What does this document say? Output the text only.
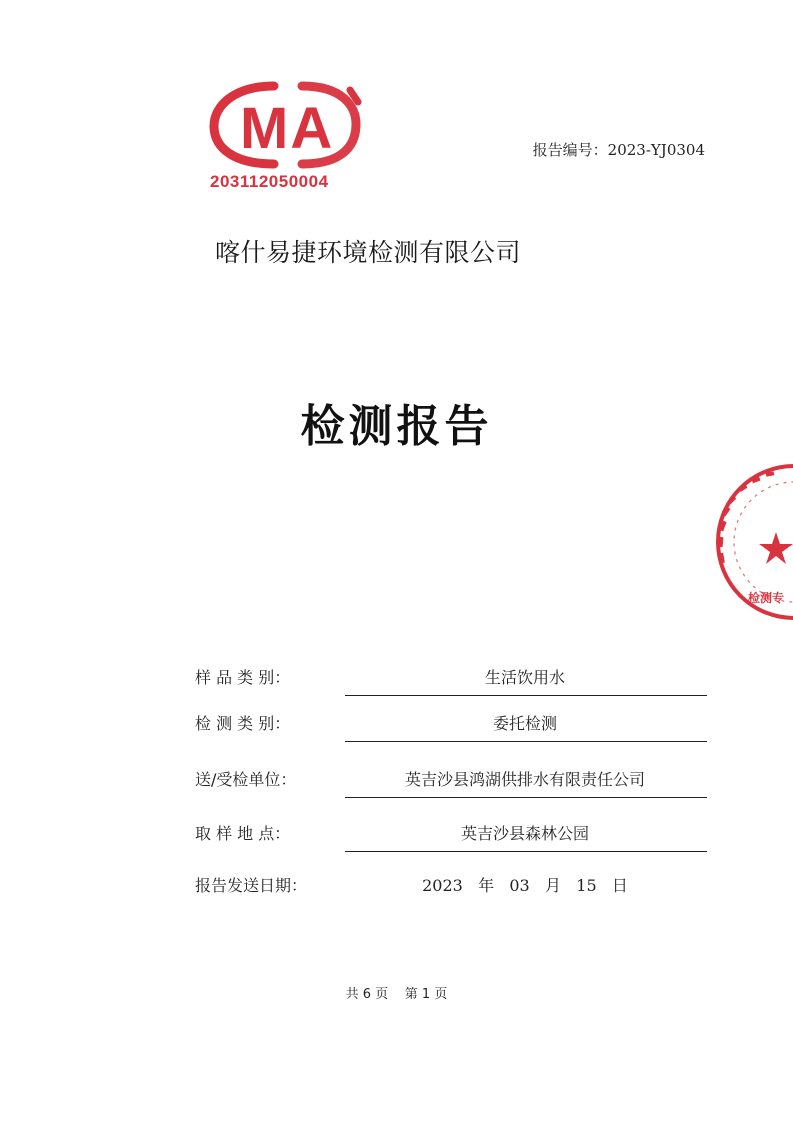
MA
203112050004
报告编号：2023-YJ0304
喀什易捷环境检测有限公司
检测报告
检测专
样 品 类 别：	生活饮用水
检 测 类 别：	委托检测
送/受检单位：	英吉沙县鸿湖供排水有限责任公司
取 样 地 点：	英吉沙县森林公园
报告发送日期：	2023 年 03 月 15 日
共 6 页 第 1 页
